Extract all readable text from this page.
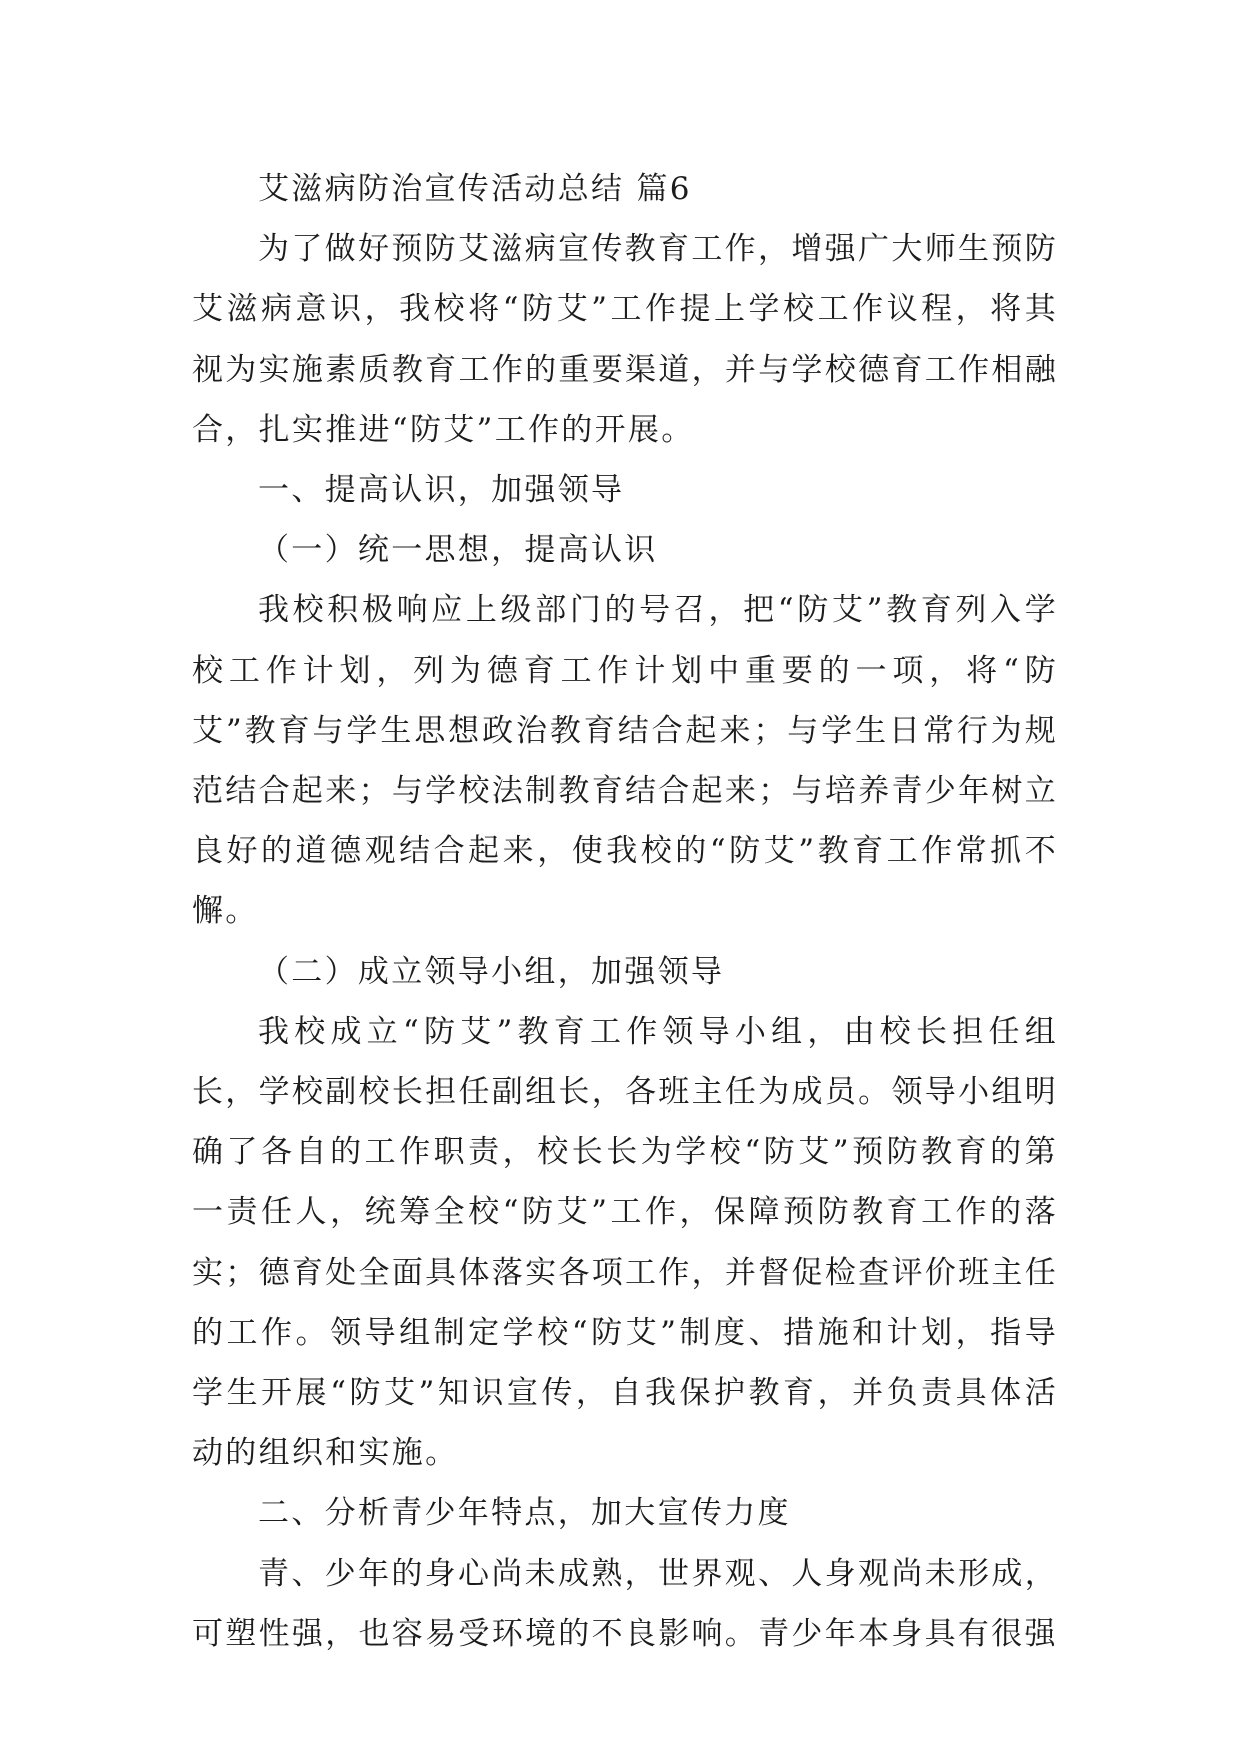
艾滋病防治宣传活动总结 篇6

为了做好预防艾滋病宣传教育工作，增强广大师生预防艾滋病意识，我校将“防艾”工作提上学校工作议程，将其视为实施素质教育工作的重要渠道，并与学校德育工作相融合，扎实推进“防艾”工作的开展。

一、提高认识，加强领导

（一）统一思想，提高认识

我校积极响应上级部门的号召，把“防艾”教育列入学校工作计划，列为德育工作计划中重要的一项，将“防艾”教育与学生思想政治教育结合起来；与学生日常行为规范结合起来；与学校法制教育结合起来；与培养青少年树立良好的道德观结合起来，使我校的“防艾”教育工作常抓不懈。

（二）成立领导小组，加强领导

我校成立“防艾”教育工作领导小组，由校长担任组长，学校副校长担任副组长，各班主任为成员。领导小组明确了各自的工作职责，校长长为学校“防艾”预防教育的第一责任人，统筹全校“防艾”工作，保障预防教育工作的落实；德育处全面具体落实各项工作，并督促检查评价班主任的工作。领导组制定学校“防艾”制度、措施和计划，指导学生开展“防艾”知识宣传，自我保护教育，并负责具体活动的组织和实施。

二、分析青少年特点，加大宣传力度

青、少年的身心尚未成熟，世界观、人身观尚未形成，可塑性强，也容易受环境的不良影响。青少年本身具有很强
